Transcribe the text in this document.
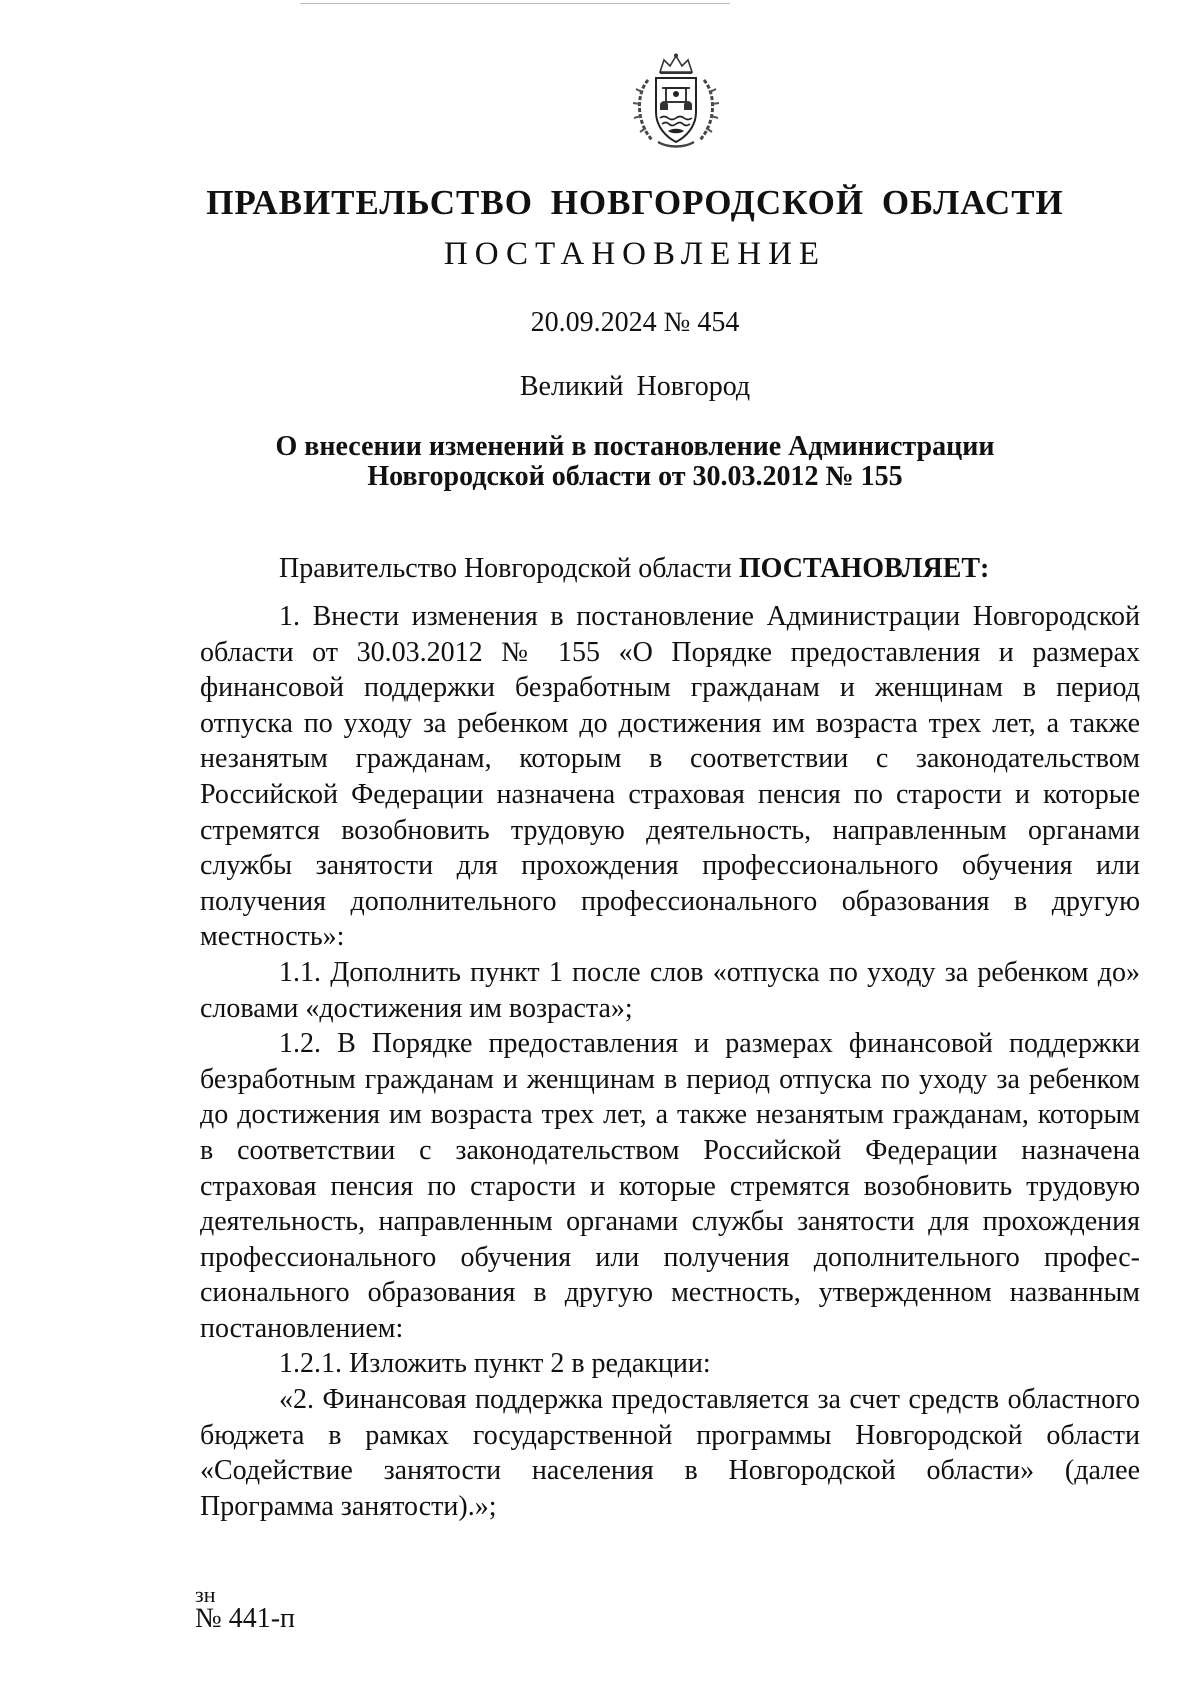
ПРАВИТЕЛЬСТВО НОВГОРОДСКОЙ ОБЛАСТИ
ПОСТАНОВЛЕНИЕ
20.09.2024 № 454
Великий Новгород
О внесении изменений в постановление Администрации
Новгородской области от 30.03.2012 № 155
Правительство Новгородской области ПОСТАНОВЛЯЕТ:
1. Внести изменения в постановление Администрации Новгородской
области от 30.03.2012 № 155 «О Порядке предоставления и размерах
финансовой поддержки безработным гражданам и женщинам в период
отпуска по уходу за ребенком до достижения им возраста трех лет, а также
незанятым гражданам, которым в соответствии с законодательством
Российской Федерации назначена страховая пенсия по старости и которые
стремятся возобновить трудовую деятельность, направленным органами
службы занятости для прохождения профессионального обучения или
получения дополнительного профессионального образования в другую
местность»:
1.1. Дополнить пункт 1 после слов «отпуска по уходу за ребенком до»
словами «достижения им возраста»;
1.2. В Порядке предоставления и размерах финансовой поддержки
безработным гражданам и женщинам в период отпуска по уходу за ребенком
до достижения им возраста трех лет, а также незанятым гражданам, которым
в соответствии с законодательством Российской Федерации назначена
страховая пенсия по старости и которые стремятся возобновить трудовую
деятельность, направленным органами службы занятости для прохождения
профессионального обучения или получения дополнительного профес-
сионального образования в другую местность, утвержденном названным
постановлением:
1.2.1. Изложить пункт 2 в редакции:
«2. Финансовая поддержка предоставляется за счет средств областного
бюджета в рамках государственной программы Новгородской области
«Содействие занятости населения в Новгородской области» (далее
Программа занятости).»;
зн
№ 441-п
